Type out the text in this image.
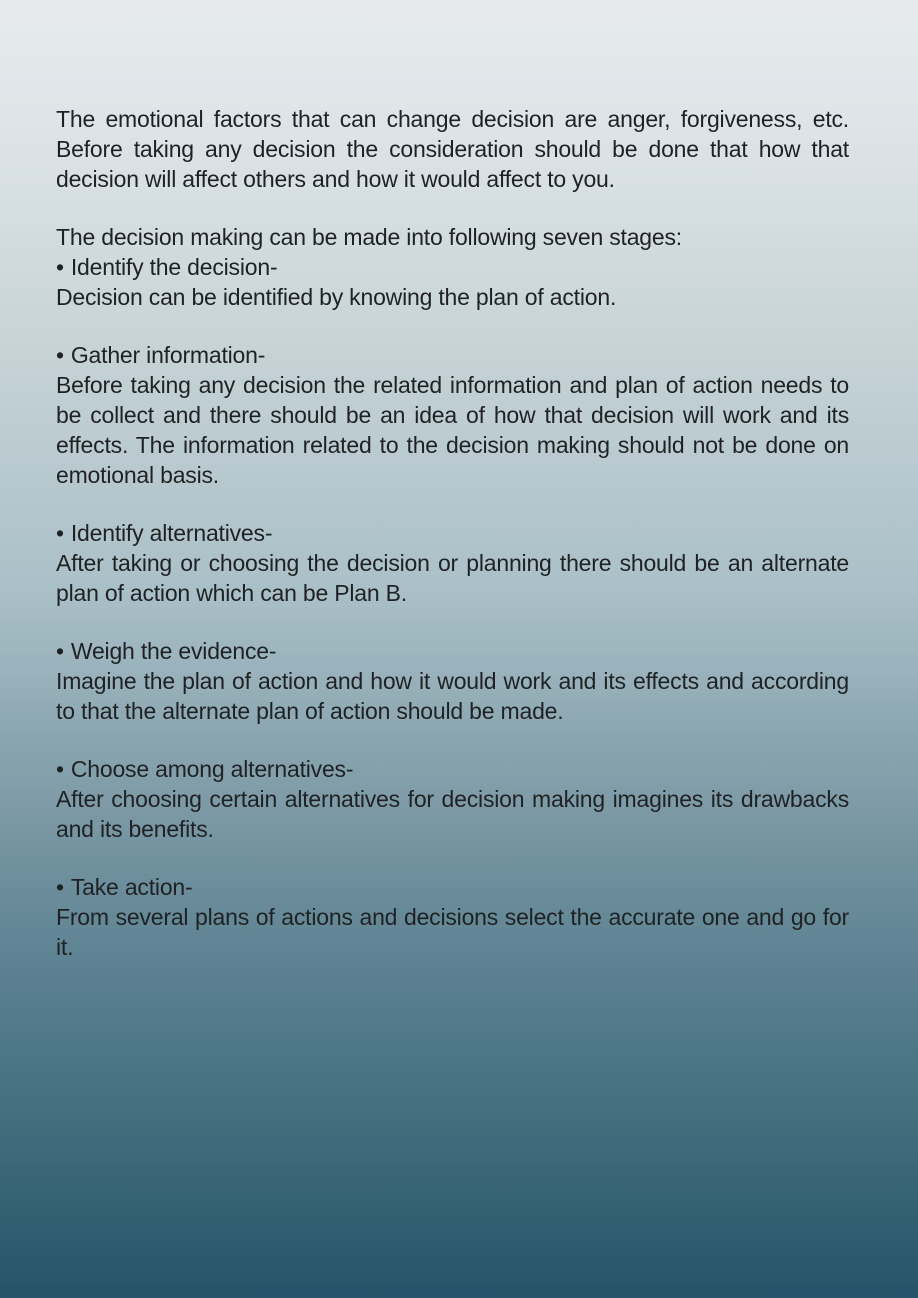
The emotional factors that can change decision are anger, forgiveness, etc. Before taking any decision the consideration should be done that how that decision will affect others and how it would affect to you.

The decision making can be made into following seven stages:

• Identify the decision-

Decision can be identified by knowing the plan of action.

• Gather information-

Before taking any decision the related information and plan of action needs to be collect and there should be an idea of how that decision will work and its effects. The information related to the decision making should not be done on emotional basis.

• Identify alternatives-

After taking or choosing the decision or planning there should be an alternate plan of action which can be Plan B.

• Weigh the evidence-

Imagine the plan of action and how it would work and its effects and according to that the alternate plan of action should be made.

• Choose among alternatives-

After choosing certain alternatives for decision making imagines its drawbacks and its benefits.

• Take action-

From several plans of actions and decisions select the accurate one and go for it.
